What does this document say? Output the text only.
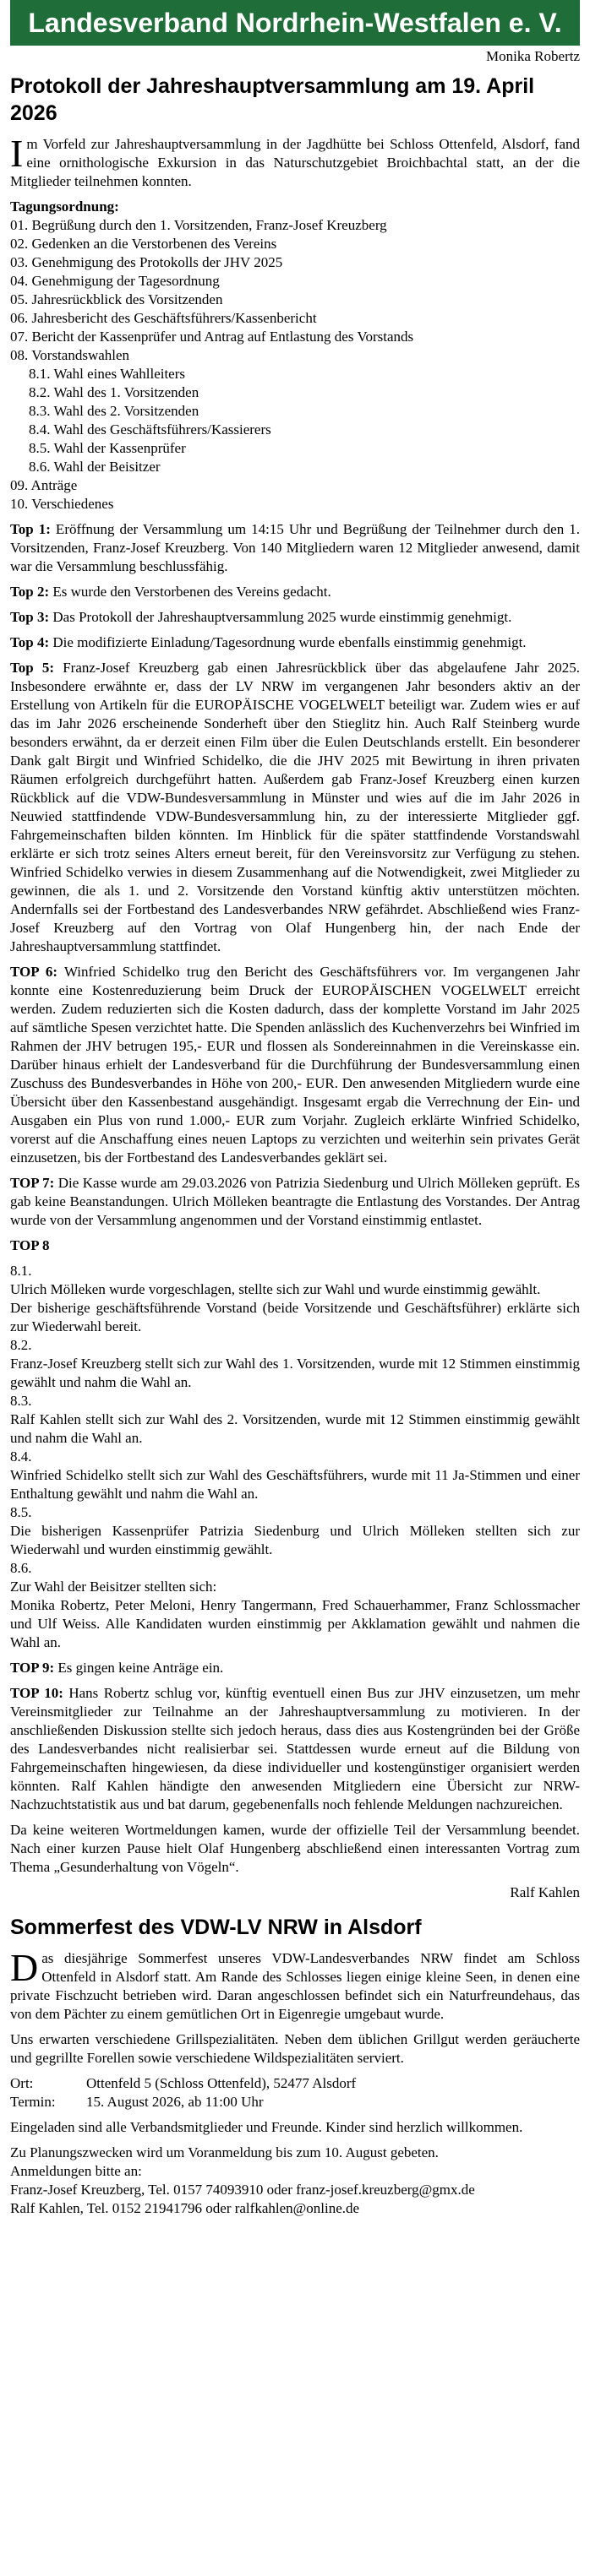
Landesverband Nordrhein-Westfalen e. V.
Monika Robertz
Protokoll der Jahreshauptversammlung am 19. April 2026

Im Vorfeld zur Jahreshauptversammlung in der Jagdhütte bei Schloss Ottenfeld, Alsdorf, fand eine ornithologische Exkursion in das Naturschutzgebiet Broichbachtal statt, an der die Mitglieder teilnehmen konnten.

Tagungsordnung:
01. Begrüßung durch den 1. Vorsitzenden, Franz-Josef Kreuzberg
02. Gedenken an die Verstorbenen des Vereins
03. Genehmigung des Protokolls der JHV 2025
04. Genehmigung der Tagesordnung
05. Jahresrückblick des Vorsitzenden
06. Jahresbericht des Geschäftsführers/Kassenbericht
07. Bericht der Kassenprüfer und Antrag auf Entlastung des Vorstands
08. Vorstandswahlen
8.1. Wahl eines Wahlleiters
8.2. Wahl des 1. Vorsitzenden
8.3. Wahl des 2. Vorsitzenden
8.4. Wahl des Geschäftsführers/Kassierers
8.5. Wahl der Kassenprüfer
8.6. Wahl der Beisitzer
09. Anträge
10. Verschiedenes

Top 1: Eröffnung der Versammlung um 14:15 Uhr und Begrüßung der Teilnehmer durch den 1. Vorsitzenden, Franz-Josef Kreuzberg. Von 140 Mitgliedern waren 12 Mitglieder anwesend, damit war die Versammlung beschlussfähig.

Top 2: Es wurde den Verstorbenen des Vereins gedacht.

Top 3: Das Protokoll der Jahreshauptversammlung 2025 wurde einstimmig genehmigt.

Top 4: Die modifizierte Einladung/Tagesordnung wurde ebenfalls einstimmig genehmigt.

Top 5: Franz-Josef Kreuzberg gab einen Jahresrückblick über das abgelaufene Jahr 2025. Insbesondere erwähnte er, dass der LV NRW im vergangenen Jahr besonders aktiv an der Erstellung von Artikeln für die EUROPÄISCHE VOGELWELT beteiligt war. Zudem wies er auf das im Jahr 2026 erscheinende Sonderheft über den Stieglitz hin. Auch Ralf Steinberg wurde besonders erwähnt, da er derzeit einen Film über die Eulen Deutschlands erstellt. Ein besonderer Dank galt Birgit und Winfried Schidelko, die die JHV 2025 mit Bewirtung in ihren privaten Räumen erfolgreich durchgeführt hatten. Außerdem gab Franz-Josef Kreuzberg einen kurzen Rückblick auf die VDW-Bundesversammlung in Münster und wies auf die im Jahr 2026 in Neuwied stattfindende VDW-Bundesversammlung hin, zu der interessierte Mitglieder ggf. Fahrgemeinschaften bilden könnten. Im Hinblick für die später stattfindende Vorstandswahl erklärte er sich trotz seines Alters erneut bereit, für den Vereinsvorsitz zur Verfügung zu stehen. Winfried Schidelko verwies in diesem Zusammenhang auf die Notwendigkeit, zwei Mitglieder zu gewinnen, die als 1. und 2. Vorsitzende den Vorstand künftig aktiv unterstützen möchten. Andernfalls sei der Fortbestand des Landesverbandes NRW gefährdet. Abschließend wies Franz-Josef Kreuzberg auf den Vortrag von Olaf Hungenberg hin, der nach Ende der Jahreshauptversammlung stattfindet.

TOP 6: Winfried Schidelko trug den Bericht des Geschäftsführers vor. Im vergangenen Jahr konnte eine Kostenreduzierung beim Druck der EUROPÄISCHEN VOGELWELT erreicht werden. Zudem reduzierten sich die Kosten dadurch, dass der komplette Vorstand im Jahr 2025 auf sämtliche Spesen verzichtet hatte. Die Spenden anlässlich des Kuchenverzehrs bei Winfried im Rahmen der JHV betrugen 195,- EUR und flossen als Sondereinnahmen in die Vereinskasse ein. Darüber hinaus erhielt der Landesverband für die Durchführung der Bundesversammlung einen Zuschuss des Bundesverbandes in Höhe von 200,- EUR. Den anwesenden Mitgliedern wurde eine Übersicht über den Kassenbestand ausgehändigt. Insgesamt ergab die Verrechnung der Ein- und Ausgaben ein Plus von rund 1.000,- EUR zum Vorjahr. Zugleich erklärte Winfried Schidelko, vorerst auf die Anschaffung eines neuen Laptops zu verzichten und weiterhin sein privates Gerät einzusetzen, bis der Fortbestand des Landesverbandes geklärt sei.

TOP 7: Die Kasse wurde am 29.03.2026 von Patrizia Siedenburg und Ulrich Mölleken geprüft. Es gab keine Beanstandungen. Ulrich Mölleken beantragte die Entlastung des Vorstandes. Der Antrag wurde von der Versammlung angenommen und der Vorstand einstimmig entlastet.

TOP 8

8.1.

Ulrich Mölleken wurde vorgeschlagen, stellte sich zur Wahl und wurde einstimmig gewählt.

Der bisherige geschäftsführende Vorstand (beide Vorsitzende und Geschäftsführer) erklärte sich zur Wiederwahl bereit.

8.2.

Franz-Josef Kreuzberg stellt sich zur Wahl des 1. Vorsitzenden, wurde mit 12 Stimmen einstimmig gewählt und nahm die Wahl an.

8.3.

Ralf Kahlen stellt sich zur Wahl des 2. Vorsitzenden, wurde mit 12 Stimmen einstimmig gewählt und nahm die Wahl an.

8.4.

Winfried Schidelko stellt sich zur Wahl des Geschäftsführers, wurde mit 11 Ja-Stimmen und einer Enthaltung gewählt und nahm die Wahl an.

8.5.

Die bisherigen Kassenprüfer Patrizia Siedenburg und Ulrich Mölleken stellten sich zur Wiederwahl und wurden einstimmig gewählt.

8.6.

Zur Wahl der Beisitzer stellten sich:

Monika Robertz, Peter Meloni, Henry Tangermann, Fred Schauerhammer, Franz Schlossmacher und Ulf Weiss. Alle Kandidaten wurden einstimmig per Akklamation gewählt und nahmen die Wahl an.

TOP 9: Es gingen keine Anträge ein.

TOP 10: Hans Robertz schlug vor, künftig eventuell einen Bus zur JHV einzusetzen, um mehr Vereinsmitglieder zur Teilnahme an der Jahreshauptversammlung zu motivieren. In der anschließenden Diskussion stellte sich jedoch heraus, dass dies aus Kostengründen bei der Größe des Landesverbandes nicht realisierbar sei. Stattdessen wurde erneut auf die Bildung von Fahrgemeinschaften hingewiesen, da diese individueller und kostengünstiger organisiert werden könnten. Ralf Kahlen händigte den anwesenden Mitgliedern eine Übersicht zur NRW-Nachzuchtstatistik aus und bat darum, gegebenenfalls noch fehlende Meldungen nachzureichen.

Da keine weiteren Wortmeldungen kamen, wurde der offizielle Teil der Versammlung beendet. Nach einer kurzen Pause hielt Olaf Hungenberg abschließend einen interessanten Vortrag zum Thema „Gesunderhaltung von Vögeln“.

Ralf Kahlen
Sommerfest des VDW-LV NRW in Alsdorf

Das diesjährige Sommerfest unseres VDW-Landesverbandes NRW findet am Schloss Ottenfeld in Alsdorf statt. Am Rande des Schlosses liegen einige kleine Seen, in denen eine private Fischzucht betrieben wird. Daran angeschlossen befindet sich ein Naturfreundehaus, das von dem Pächter zu einem gemütlichen Ort in Eigenregie umgebaut wurde.

Uns erwarten verschiedene Grillspezialitäten. Neben dem üblichen Grillgut werden geräucherte und gegrillte Forellen sowie verschiedene Wildspezialitäten serviert.

Ort:	Ottenfeld 5 (Schloss Ottenfeld), 52477 Alsdorf
Termin:	15. August 2026, ab 11:00 Uhr

Eingeladen sind alle Verbandsmitglieder und Freunde. Kinder sind herzlich willkommen.

Zu Planungszwecken wird um Voranmeldung bis zum 10. August gebeten.

Anmeldungen bitte an:
Franz-Josef Kreuzberg, Tel. 0157 74093910 oder franz-josef.kreuzberg@gmx.de
Ralf Kahlen, Tel. 0152 21941796 oder ralfkahlen@online.de
